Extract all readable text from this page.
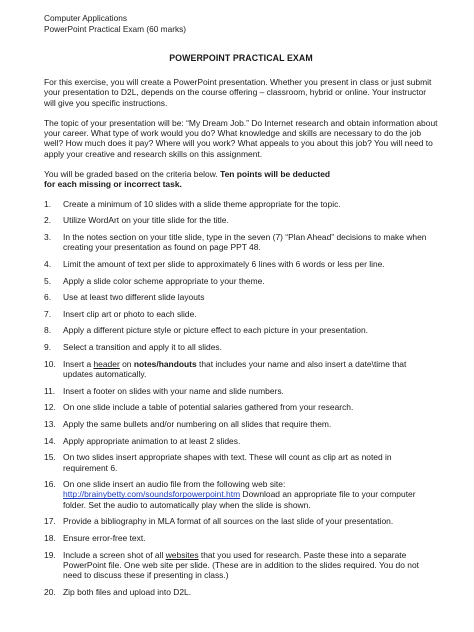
Computer Applications
PowerPoint Practical Exam (60 marks)
POWERPOINT PRACTICAL EXAM

For this exercise, you will create a PowerPoint presentation. Whether you present in class or just submit your presentation to D2L, depends on the course offering – classroom, hybrid or online. Your instructor will give you specific instructions.

The topic of your presentation will be: “My Dream Job.” Do Internet research and obtain information about your career. What type of work would you do? What knowledge and skills are necessary to do the job well? How much does it pay? Where will you work? What appeals to you about this job? You will need to apply your creative and research skills on this assignment.

You will be graded based on the criteria below. Ten points will be deducted
for each missing or incorrect task.

1.	Create a minimum of 10 slides with a slide theme appropriate for the topic.
2.	Utilize WordArt on your title slide for the title.
3.	In the notes section on your title slide, type in the seven (7) “Plan Ahead” decisions to make when creating your presentation as found on page PPT 48.
4.	Limit the amount of text per slide to approximately 6 lines with 6 words or less per line.
5.	Apply a slide color scheme appropriate to your theme.
6.	Use at least two different slide layouts
7.	Insert clip art or photo to each slide.
8.	Apply a different picture style or picture effect to each picture in your presentation.
9.	Select a transition and apply it to all slides.
10. Insert a header on notes/handouts that includes your name and also insert a date\time that updates automatically.
11. Insert a footer on slides with your name and slide numbers.
12. On one slide include a table of potential salaries gathered from your research.
13. Apply the same bullets and/or numbering on all slides that require them.
14. Apply appropriate animation to at least 2 slides.
15. On two slides insert appropriate shapes with text. These will count as clip art as noted in requirement 6.
16. On one slide insert an audio file from the following web site:
http://brainybetty.com/soundsforpowerpoint.htm Download an appropriate file to your computer folder. Set the audio to automatically play when the slide is shown.
17. Provide a bibliography in MLA format of all sources on the last slide of your presentation.
18. Ensure error-free text.
19. Include a screen shot of all websites that you used for research. Paste these into a separate PowerPoint file. One web site per slide. (These are in addition to the slides required. You do not need to discuss these if presenting in class.)
20. Zip both files and upload into D2L.
